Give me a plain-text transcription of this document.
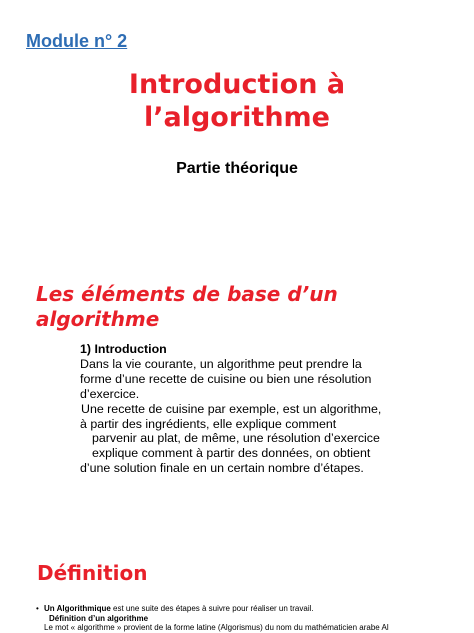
Module n° 2
Introduction à
l’algorithme
Partie théorique
Les éléments de base d’un
algorithme
1) Introduction
Dans la vie courante, un algorithme peut prendre la
forme d’une recette de cuisine ou bien une résolution
d’exercice.
Une recette de cuisine par exemple, est un algorithme,
à partir des ingrédients, elle explique comment
parvenir au plat, de même, une résolution d’exercice
explique comment à partir des données, on obtient
d’une solution finale en un certain nombre d’étapes.
Définition
• Un Algorithmique est une suite des étapes à suivre pour réaliser un travail.
Définition d’un algorithme
Le mot « algorithme » provient de la forme latine (Algorismus) du nom du mathématicien arabe Al
